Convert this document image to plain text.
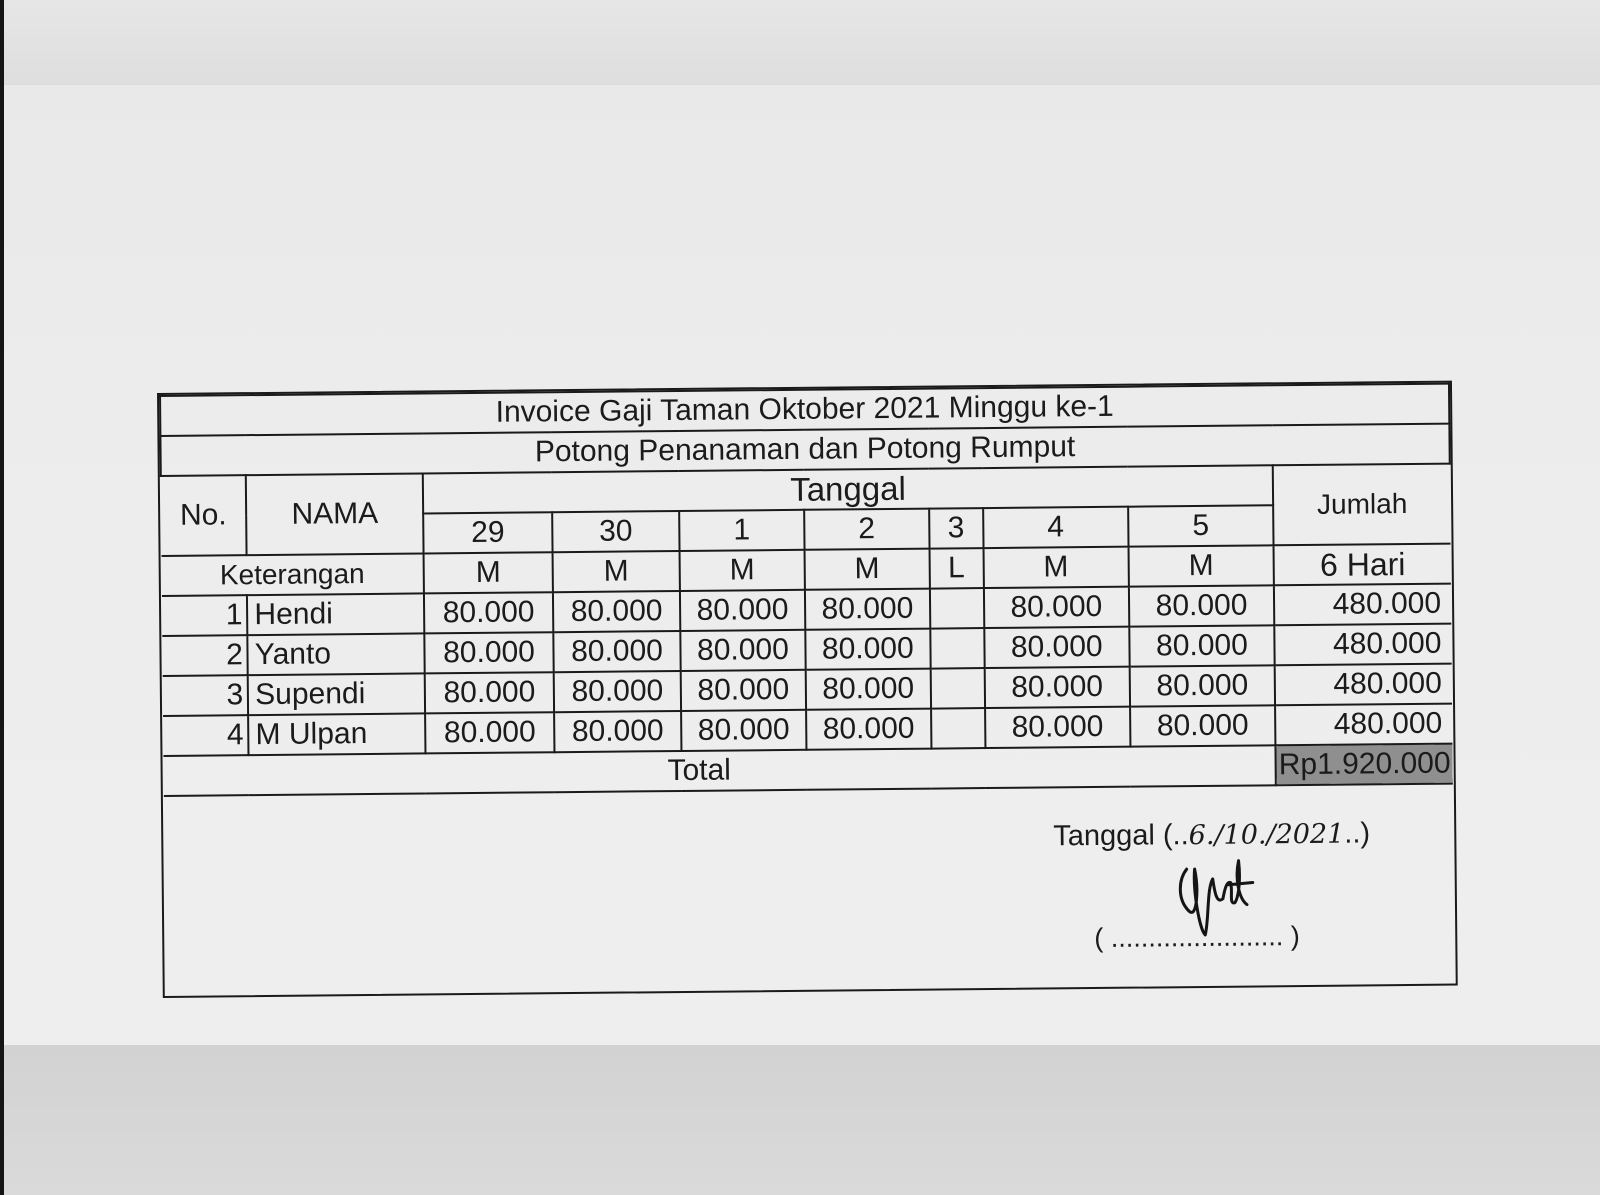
Invoice Gaji Taman Oktober 2021 Minggu ke-1									
Potong Penanaman dan Potong Rumput									
No.	NAMA	Tanggal							Jumlah
		29	30	1	2	3	4	5	
Keterangan		M	M	M	M	L	M	M	6 Hari
1	Hendi	80.000	80.000	80.000	80.000		80.000	80.000	480.000
2	Yanto	80.000	80.000	80.000	80.000		80.000	80.000	480.000
3	Supendi	80.000	80.000	80.000	80.000		80.000	80.000	480.000
4	M Ulpan	80.000	80.000	80.000	80.000		80.000	80.000	480.000
Total									Rp1.920.000
Tanggal (..6./10./2021..)
( ....................... )
